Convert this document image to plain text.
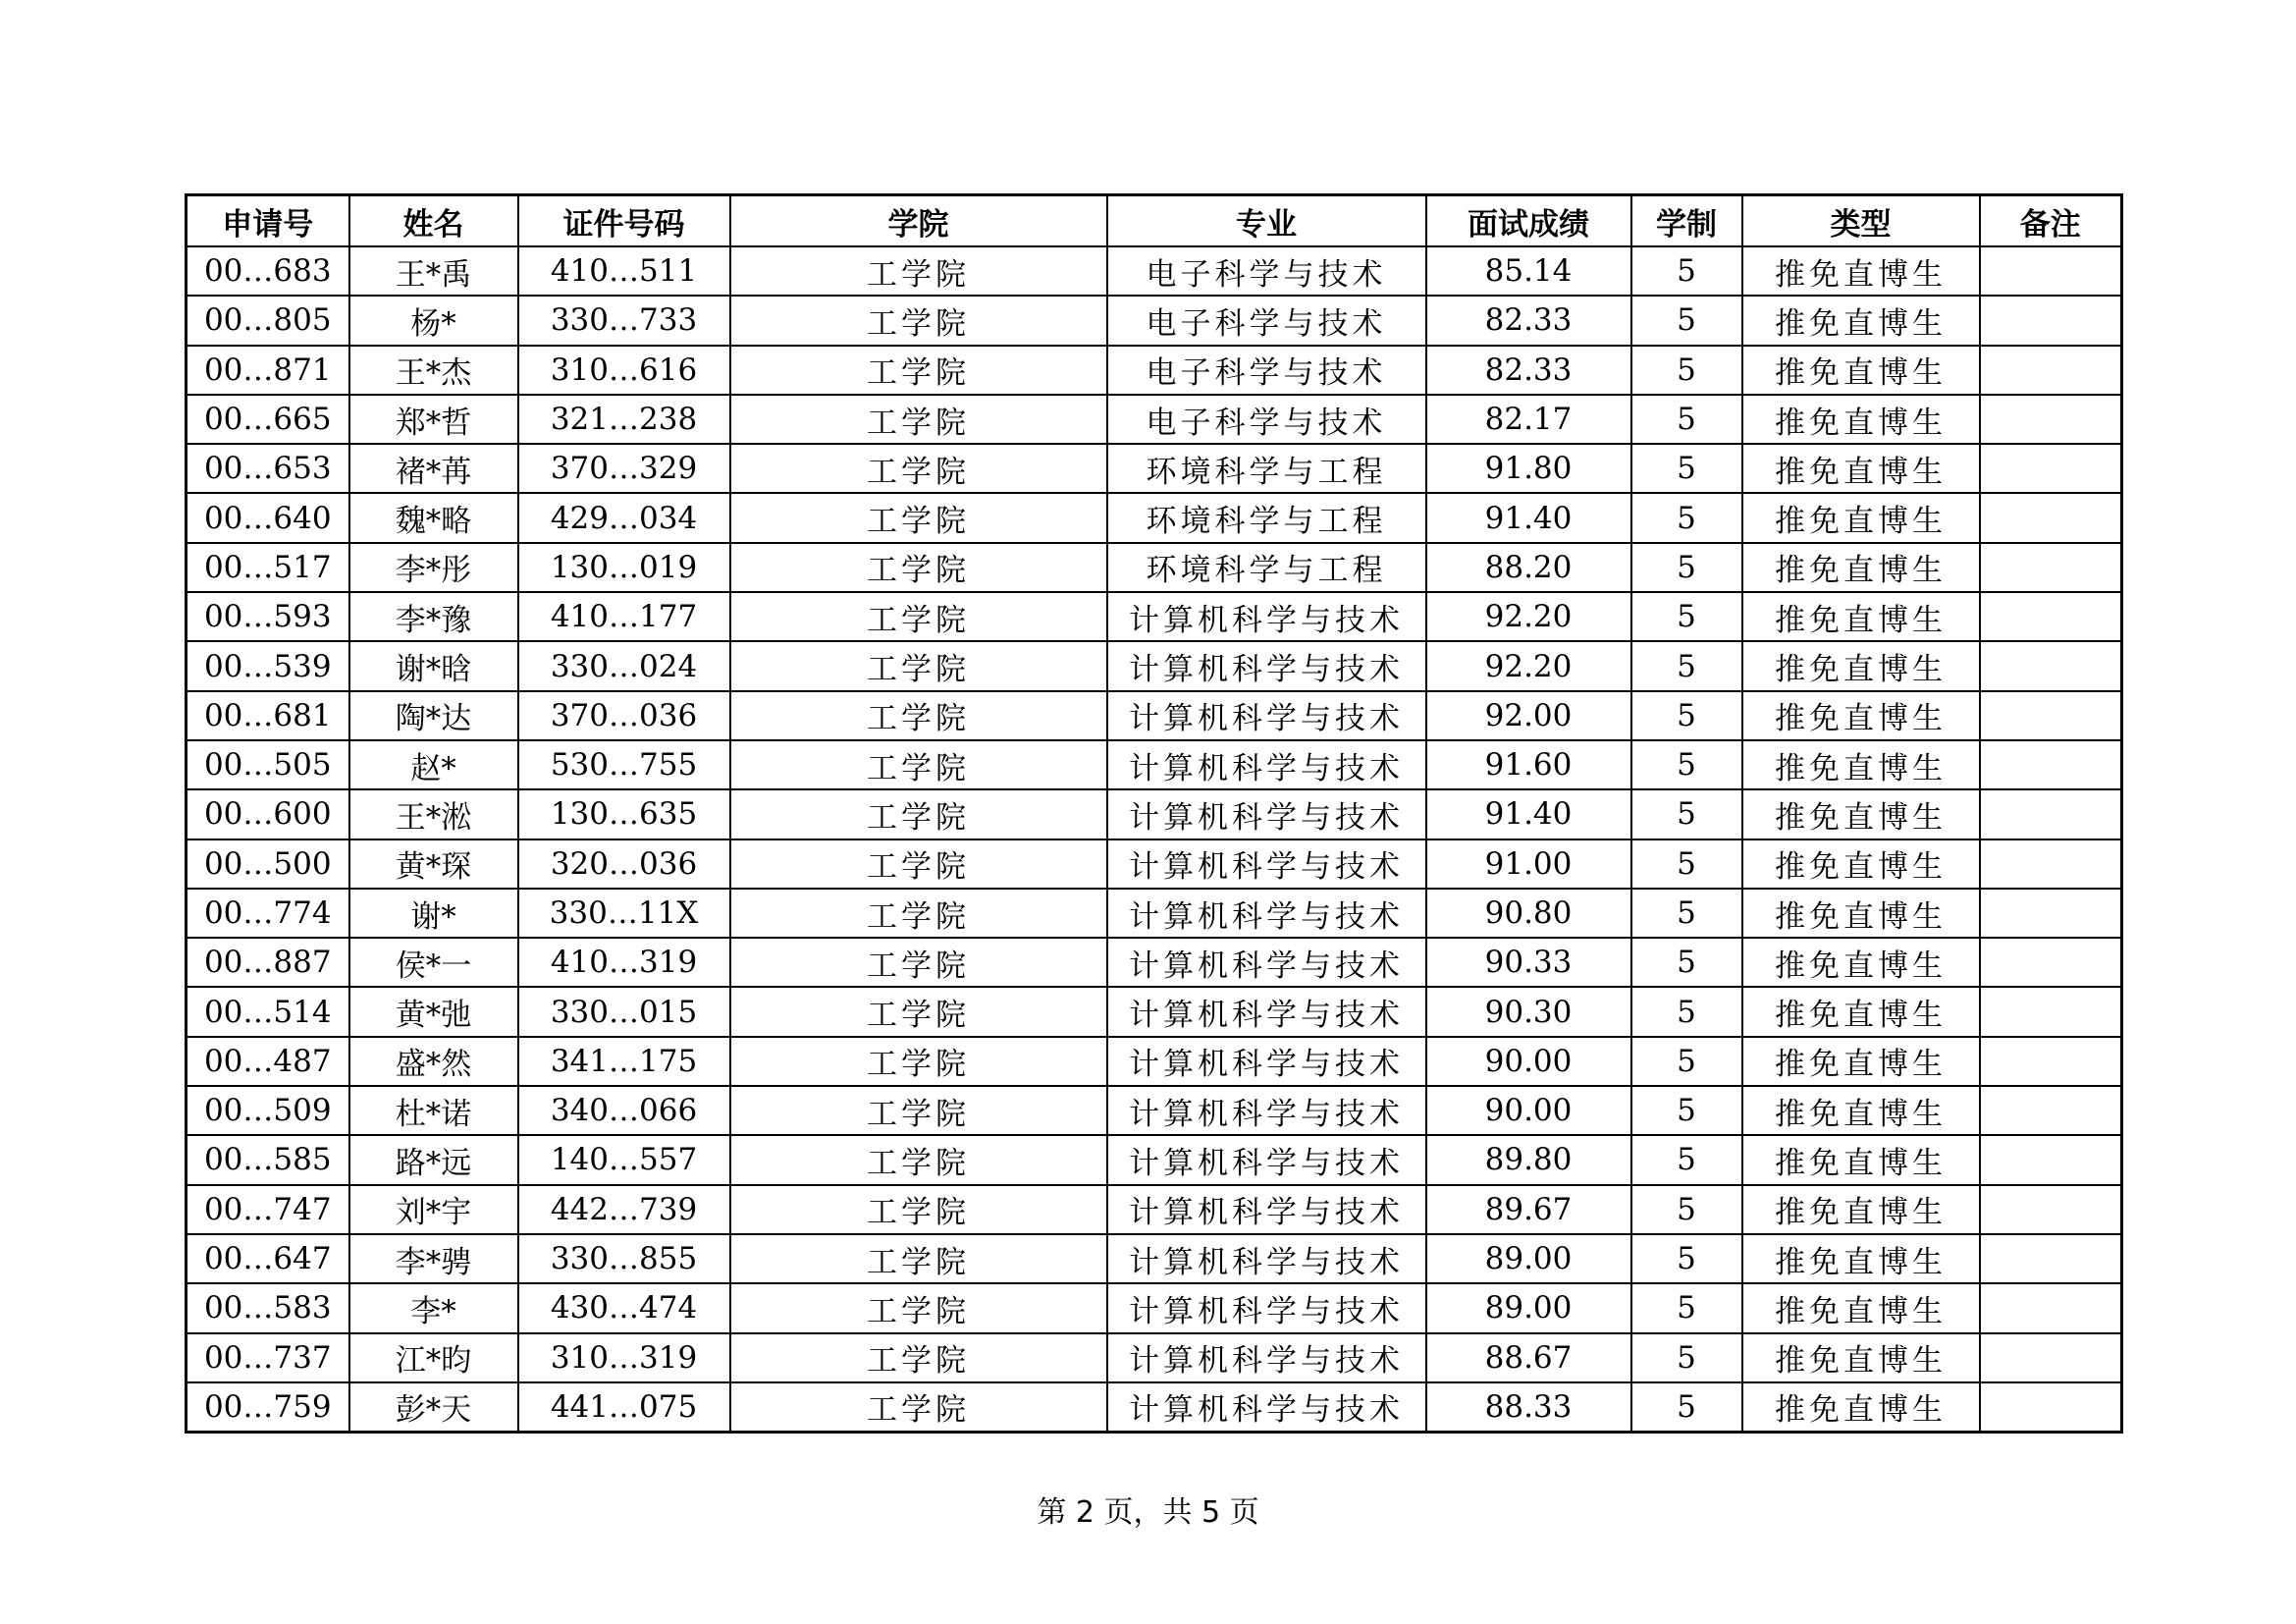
申请号	姓名	证件号码	学院	专业	面试成绩	学制	类型	备注
00…683	王*禹	410…511	工学院	电子科学与技术	85.14	5	推免直博生	
00…805	杨*	330…733	工学院	电子科学与技术	82.33	5	推免直博生	
00…871	王*杰	310…616	工学院	电子科学与技术	82.33	5	推免直博生	
00…665	郑*哲	321…238	工学院	电子科学与技术	82.17	5	推免直博生	
00…653	褚*苒	370…329	工学院	环境科学与工程	91.80	5	推免直博生	
00…640	魏*略	429…034	工学院	环境科学与工程	91.40	5	推免直博生	
00…517	李*彤	130…019	工学院	环境科学与工程	88.20	5	推免直博生	
00…593	李*豫	410…177	工学院	计算机科学与技术	92.20	5	推免直博生	
00…539	谢*晗	330…024	工学院	计算机科学与技术	92.20	5	推免直博生	
00…681	陶*达	370…036	工学院	计算机科学与技术	92.00	5	推免直博生	
00…505	赵*	530…755	工学院	计算机科学与技术	91.60	5	推免直博生	
00…600	王*淞	130…635	工学院	计算机科学与技术	91.40	5	推免直博生	
00…500	黄*琛	320…036	工学院	计算机科学与技术	91.00	5	推免直博生	
00…774	谢*	330…11X	工学院	计算机科学与技术	90.80	5	推免直博生	
00…887	侯*一	410…319	工学院	计算机科学与技术	90.33	5	推免直博生	
00…514	黄*弛	330…015	工学院	计算机科学与技术	90.30	5	推免直博生	
00…487	盛*然	341…175	工学院	计算机科学与技术	90.00	5	推免直博生	
00…509	杜*诺	340…066	工学院	计算机科学与技术	90.00	5	推免直博生	
00…585	路*远	140…557	工学院	计算机科学与技术	89.80	5	推免直博生	
00…747	刘*宇	442…739	工学院	计算机科学与技术	89.67	5	推免直博生	
00…647	李*骋	330…855	工学院	计算机科学与技术	89.00	5	推免直博生	
00…583	李*	430…474	工学院	计算机科学与技术	89.00	5	推免直博生	
00…737	江*昀	310…319	工学院	计算机科学与技术	88.67	5	推免直博生	
00…759	彭*天	441…075	工学院	计算机科学与技术	88.33	5	推免直博生	
第 2 页，共 5 页
